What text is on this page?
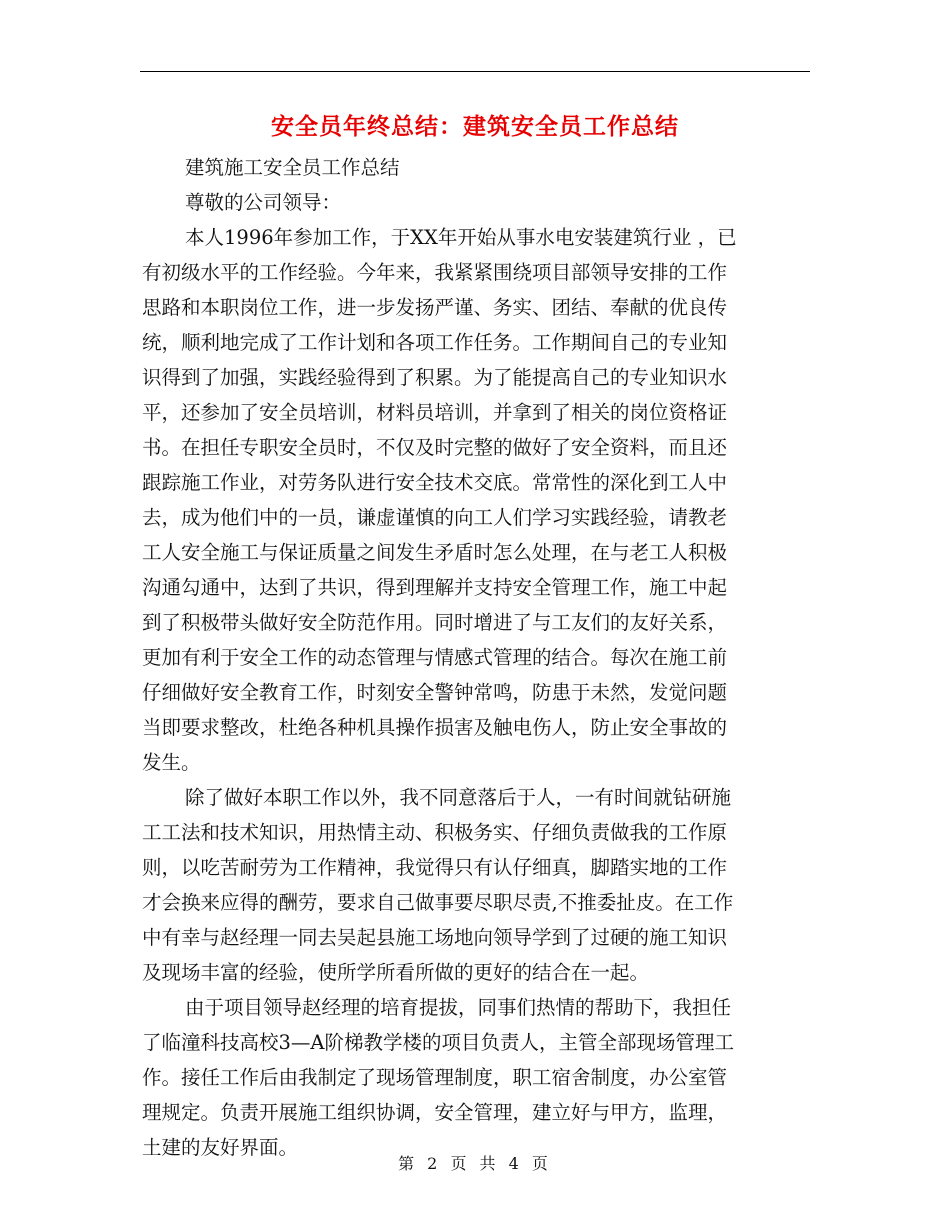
安全员年终总结：建筑安全员工作总结
建筑施工安全员工作总结
尊敬的公司领导：
本人1996年参加工作，于XX年开始从事水电安装建筑行业 ，已
有初级水平的工作经验。今年来，我紧紧围绕项目部领导安排的工作
思路和本职岗位工作，进一步发扬严谨、务实、团结、奉献的优良传
统，顺利地完成了工作计划和各项工作任务。工作期间自己的专业知
识得到了加强，实践经验得到了积累。为了能提高自己的专业知识水
平，还参加了安全员培训，材料员培训，并拿到了相关的岗位资格证
书。在担任专职安全员时，不仅及时完整的做好了安全资料，而且还
跟踪施工作业，对劳务队进行安全技术交底。常常性的深化到工人中
去，成为他们中的一员，谦虚谨慎的向工人们学习实践经验，请教老
工人安全施工与保证质量之间发生矛盾时怎么处理，在与老工人积极
沟通勾通中，达到了共识，得到理解并支持安全管理工作，施工中起
到了积极带头做好安全防范作用。同时增进了与工友们的友好关系，
更加有利于安全工作的动态管理与情感式管理的结合。每次在施工前
仔细做好安全教育工作，时刻安全警钟常鸣，防患于未然，发觉问题
当即要求整改，杜绝各种机具操作损害及触电伤人，防止安全事故的
发生。
除了做好本职工作以外，我不同意落后于人，一有时间就钻研施
工工法和技术知识，用热情主动、积极务实、仔细负责做我的工作原
则，以吃苦耐劳为工作精神，我觉得只有认仔细真，脚踏实地的工作
才会换来应得的酬劳，要求自己做事要尽职尽责,不推委扯皮。在工作
中有幸与赵经理一同去吴起县施工场地向领导学到了过硬的施工知识
及现场丰富的经验，使所学所看所做的更好的结合在一起。
由于项目领导赵经理的培育提拔，同事们热情的帮助下，我担任
了临潼科技高校3—A阶梯教学楼的项目负责人，主管全部现场管理工
作。接任工作后由我制定了现场管理制度，职工宿舍制度，办公室管
理规定。负责开展施工组织协调，安全管理，建立好与甲方，监理，
土建的友好界面。
第 2 页 共 4 页
